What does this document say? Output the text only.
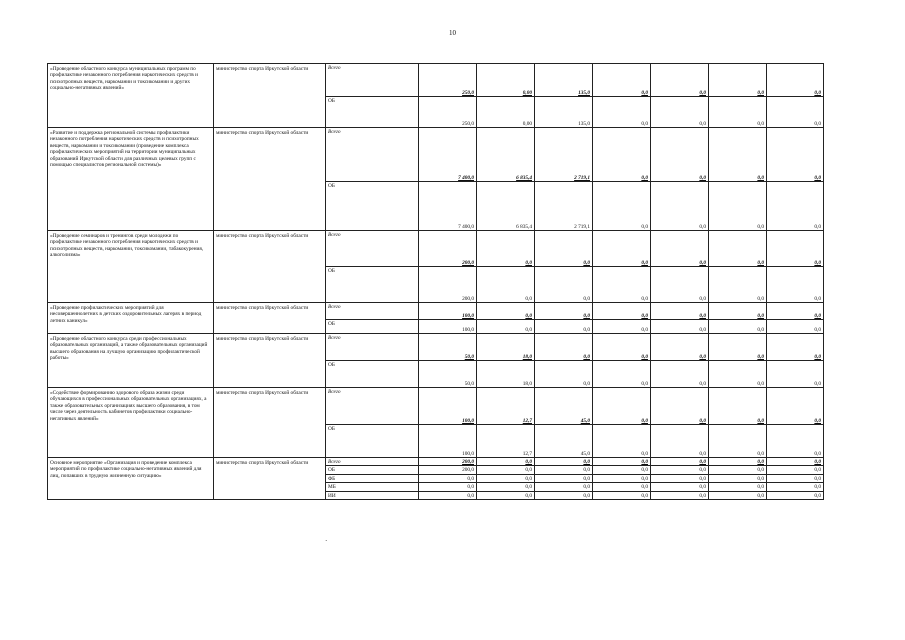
10
«Проведение областного конкурса муниципальных программ по профилактике незаконного потребления наркотических средств и психотропных веществ, наркомании и токсикомании и других социально-негативных явлений»	министерство спорта Иркутской области	Всего	250,0	0,00	135,0	0,0	0,0	0,0	0,0
		ОБ	250,0	0,00	135,0	0,0	0,0	0,0	0,0
«Развитие и поддержка региональной системы профилактики незаконного потребления наркотических средств и психотропных веществ, наркомании и токсикомании (проведение комплекса профилактических мероприятий на территории муниципальных образований Иркутской области для различных целевых групп с помощью специалистов региональной системы)»	министерство спорта Иркутской области	Всего	7 400,0	6 835,4	2 719,1	0,0	0,0	0,0	0,0
		ОБ	7 400,0	6 835,4	2 719,1	0,0	0,0	0,0	0,0
«Проведение семинаров и тренингов среди молодежи по профилактике незаконного потребления наркотических средств и психотропных веществ, наркомании, токсикомании, табакокурения, алкоголизма»	министерство спорта Иркутской области	Всего	200,0	0,0	0,0	0,0	0,0	0,0	0,0
		ОБ	200,0	0,0	0,0	0,0	0,0	0,0	0,0
«Проведение профилактических мероприятий для несовершеннолетних в детских оздоровительных лагерях в период летних каникул»	министерство спорта Иркутской области	Всего	100,0	0,0	0,0	0,0	0,0	0,0	0,0
		ОБ	100,0	0,0	0,0	0,0	0,0	0,0	0,0
«Проведение областного конкурса среди профессиональных образовательных организаций, а также образовательных организаций высшего образования на лучшую организацию профилактической работы»	министерство спорта Иркутской области	Всего	50,0	18,0	0,0	0,0	0,0	0,0	0,0
		ОБ	50,0	18,0	0,0	0,0	0,0	0,0	0,0
«Содействие формированию здорового образа жизни среди обучающихся в профессиональных образовательных организациях, а также образовательных организациях высшего образования, в том числе через деятельность кабинетов профилактики социально-негативных явлений»	министерство спорта Иркутской области	Всего	100,0	12,7	45,0	0,0	0,0	0,0	0,0
		ОБ	100,0	12,7	45,0	0,0	0,0	0,0	0,0
Основное мероприятие «Организация и проведение комплекса мероприятий по профилактике социально-негативных явлений для лиц, попавших в трудную жизненную ситуацию»	министерство спорта Иркутской области	Всего	200,0	0,0	0,0	0,0	0,0	0,0	0,0
		ОБ	200,0	0,0	0,0	0,0	0,0	0,0	0,0
		ФБ	0,0	0,0	0,0	0,0	0,0	0,0	0,0
		МБ	0,0	0,0	0,0	0,0	0,0	0,0	0,0
		ИИ	0,0	0,0	0,0	0,0	0,0	0,0	0,0
·
